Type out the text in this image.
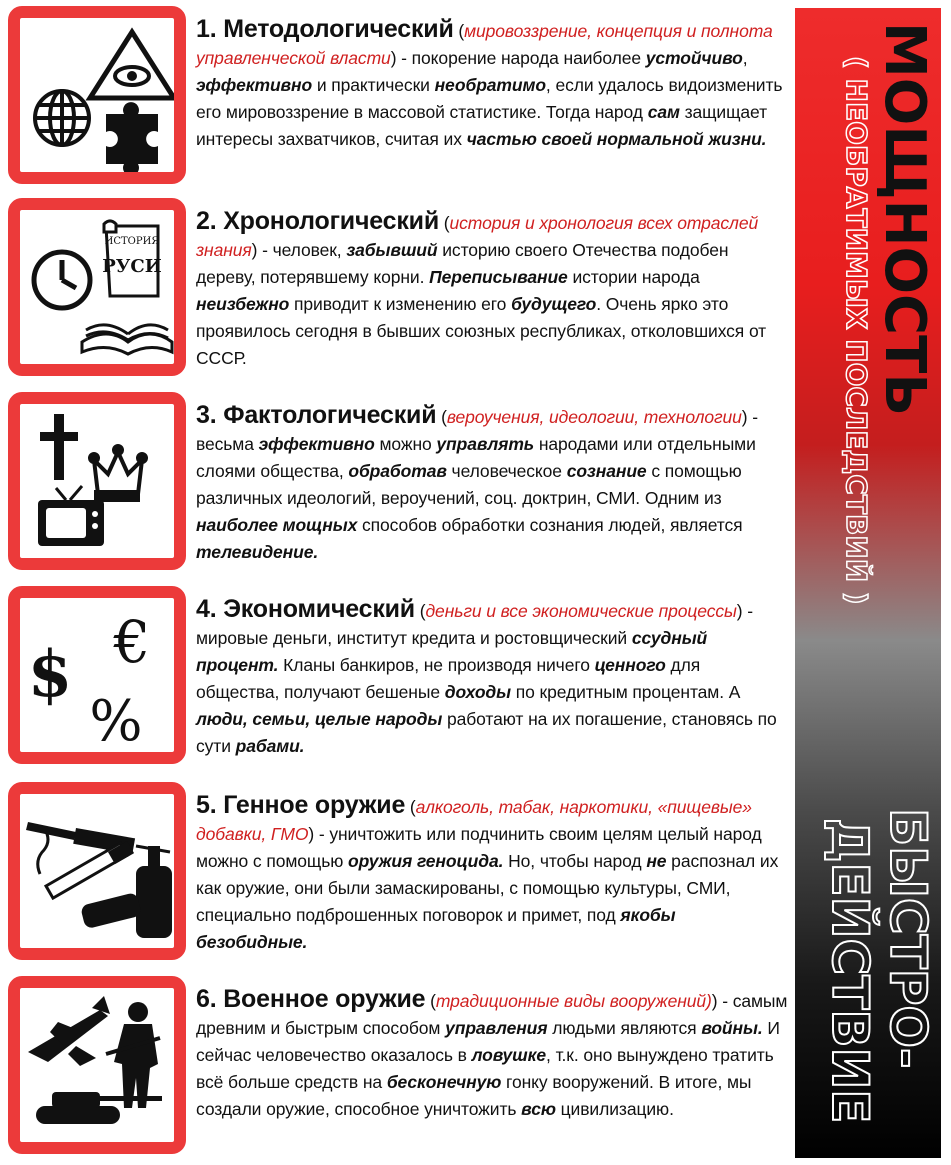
1. Методологический (мировоззрение, концепция и полнота управленческой власти) - покорение народа наиболее устойчиво, эффективно и практически необратимо, если удалось видоизменить его мировоззрение в массовой статистике. Тогда народ сам защищает интересы захватчиков, считая их частью своей нормальной жизни.
ИСТОРИЯ
РУСИ
2. Хронологический (история и хронология всех отраслей знания) - человек, забывший историю своего Отечества подобен дереву, потерявшему корни. Переписывание истории народа неизбежно приводит к изменению его будущего. Очень ярко это проявилось сегодня в бывших союзных республиках, отколовшихся от СССР.
3. Фактологический (вероучения, идеологии, технологии) - весьма эффективно можно управлять народами или отдельными слоями общества, обработав человеческое сознание с помощью различных идеологий, вероучений, соц. доктрин, СМИ. Одним из наиболее мощных способов обработки сознания людей, является телевидение.
$ €
%
4. Экономический (деньги и все экономические процессы) - мировые деньги, институт кредита и ростовщический ссудный процент. Кланы банкиров, не производя ничего ценного для общества, получают бешеные доходы по кредитным процентам. А люди, семьи, целые народы работают на их погашение, становясь по сути рабами.
5. Генное оружие (алкоголь, табак, наркотики, «пищевые» добавки, ГМО) - уничтожить или подчинить своим целям целый народ можно с помощью оружия геноцида. Но, чтобы народ не распознал их как оружие, они были замаскированы, с помощью культуры, СМИ, специально подброшенных поговорок и примет, под якобы безобидные.
6. Военное оружие (традиционные виды вооружений)) - самым древним и быстрым способом управления людьми являются войны. И сейчас человечество оказалось в ловушке, т.к. оно вынуждено тратить всё больше средств на бесконечную гонку вооружений. В итоге, мы создали оружие, способное уничтожить всю цивилизацию.
МОЩНОСТЬ
( НЕОБРАТИМЫХ ПОСЛЕДСТВИЙ )
БЫСТРО-
ДЕЙСТВИЕ
